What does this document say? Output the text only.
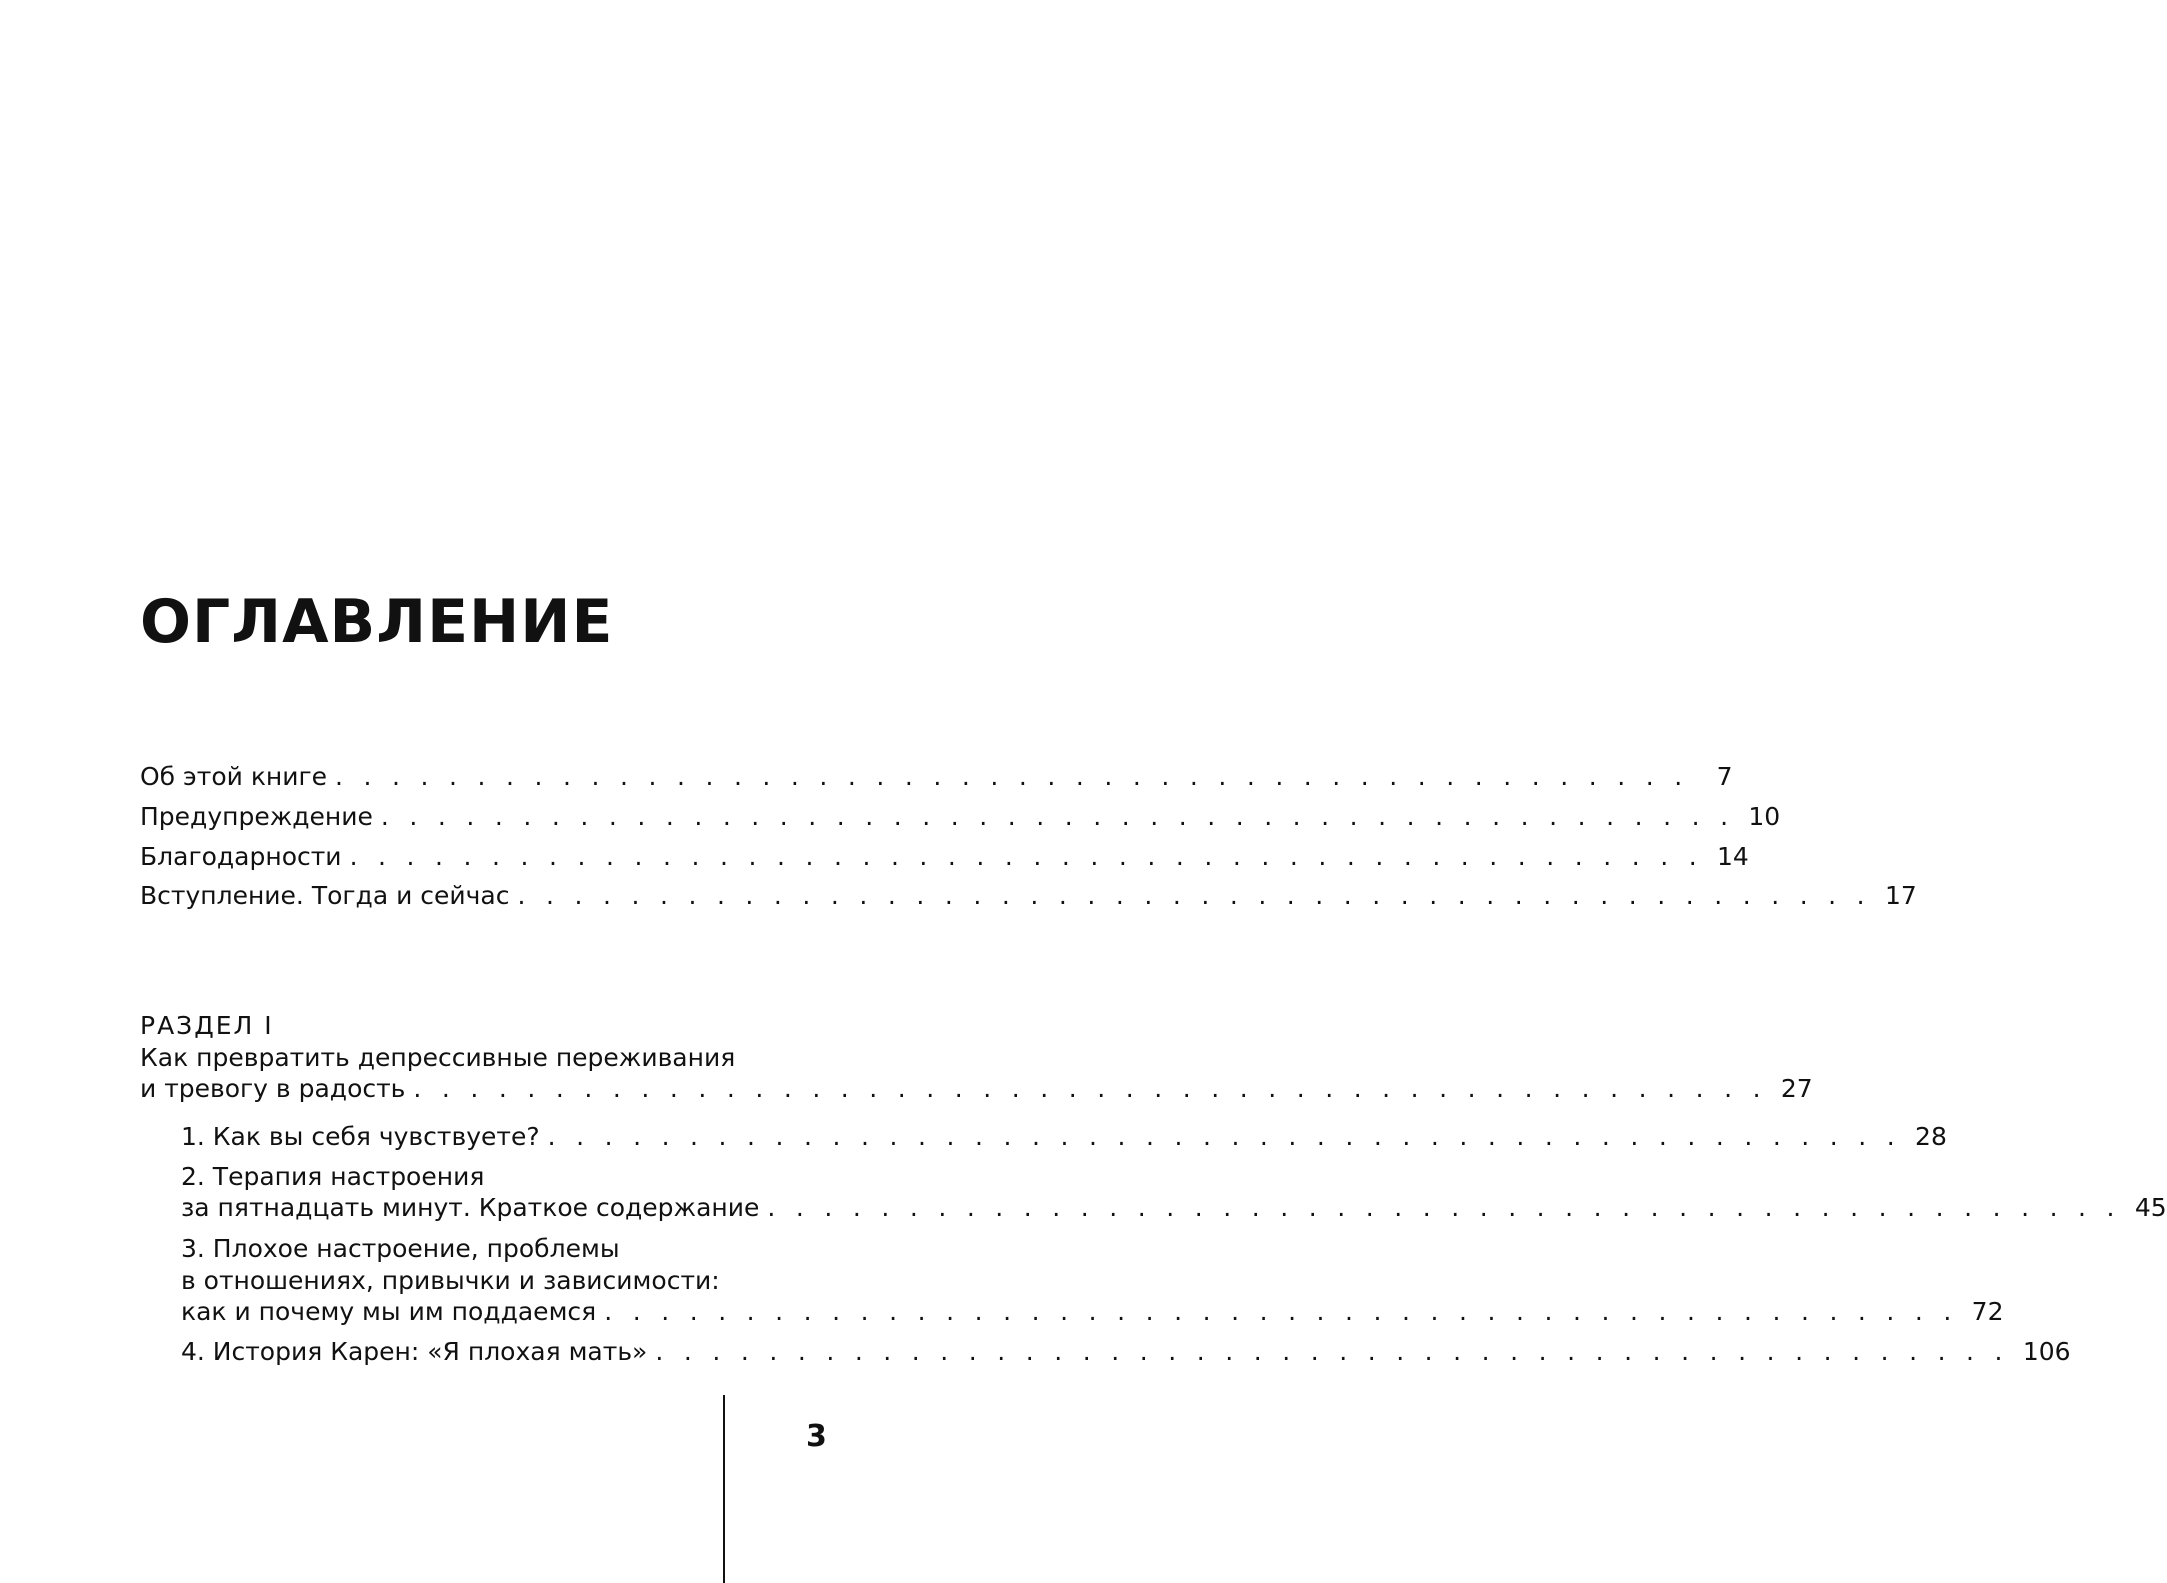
ОГЛАВЛЕНИЕ
Об этой книге . . . . . . . . . . . . . . . . . . . . . . . . . . . . . . . . . . . . . . . . . . . . . . . .	7
Предупреждение . . . . . . . . . . . . . . . . . . . . . . . . . . . . . . . . . . . . . . . . . . . . . . . . 10
Благодарности . . . . . . . . . . . . . . . . . . . . . . . . . . . . . . . . . . . . . . . . . . . . . . . . 14
Вступление. Тогда и сейчас . . . . . . . . . . . . . . . . . . . . . . . . . . . . . . . . . . . . . . . . . . . . . . . . 17
РАЗДЕЛ I
Как превратить депрессивные переживания
и тревогу в радость . . . . . . . . . . . . . . . . . . . . . . . . . . . . . . . . . . . . . . . . . . . . . . . . 27
1. Как вы себя чувствуете? . . . . . . . . . . . . . . . . . . . . . . . . . . . . . . . . . . . . . . . . . . . . . . . . 28
2. Терапия настроения
за пятнадцать минут. Краткое содержание . . . . . . . . . . . . . . . . . . . . . . . . . . . . . . . . . . . . . . . . . . . . . . . . 45
3. Плохое настроение, проблемы
в отношениях, привычки и зависимости:
как и почему мы им поддаемся . . . . . . . . . . . . . . . . . . . . . . . . . . . . . . . . . . . . . . . . . . . . . . . . 72
4. История Карен: «Я плохая мать» . . . . . . . . . . . . . . . . . . . . . . . . . . . . . . . . . . . . . . . . . . . . . . . . 106
3
